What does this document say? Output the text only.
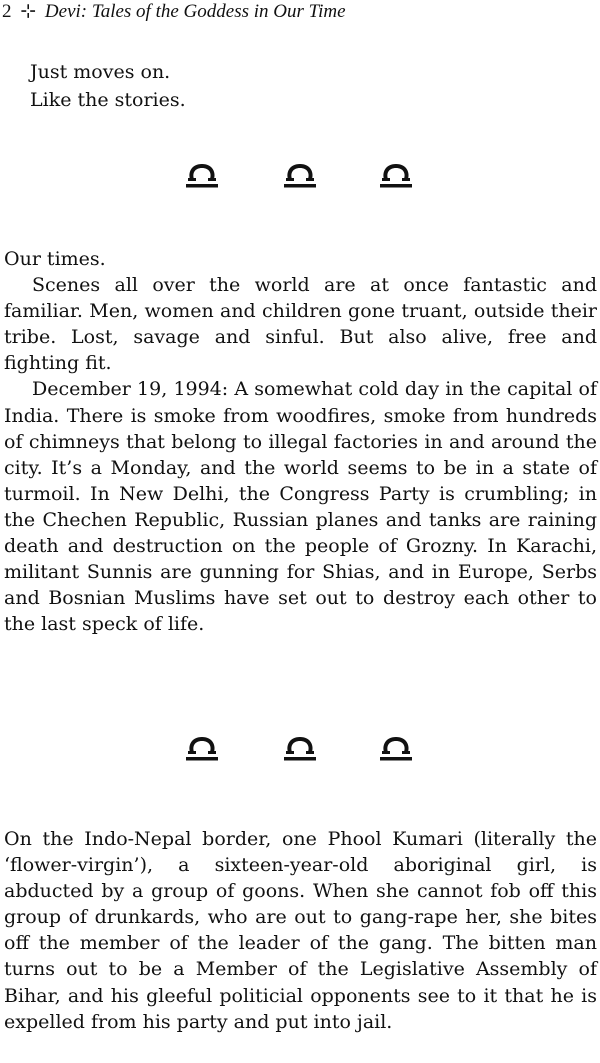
2 ⊹ Devi: Tales of the Goddess in Our Time
Just moves on.
Like the stories.

Our times.

Scenes all over the world are at once fantastic and familiar. Men, women and children gone truant, outside their tribe. Lost, savage and sinful. But also alive, free and fighting fit.

December 19, 1994: A somewhat cold day in the capital of India. There is smoke from woodfires, smoke from hundreds of chimneys that belong to illegal factories in and around the city. It’s a Monday, and the world seems to be in a state of turmoil. In New Delhi, the Congress Party is crumbling; in the Chechen Republic, Russian planes and tanks are raining death and destruction on the people of Grozny. In Karachi, militant Sunnis are gunning for Shias, and in Europe, Serbs and Bosnian Muslims have set out to destroy each other to the last speck of life.

On the Indo-Nepal border, one Phool Kumari (literally the ‘flower-virgin’), a sixteen-year-old aboriginal girl, is abducted by a group of goons. When she cannot fob off this group of drunkards, who are out to gang-rape her, she bites off the member of the leader of the gang. The bitten man turns out to be a Member of the Legislative Assembly of Bihar, and his gleeful politicial opponents see to it that he is expelled from his party and put into jail.
